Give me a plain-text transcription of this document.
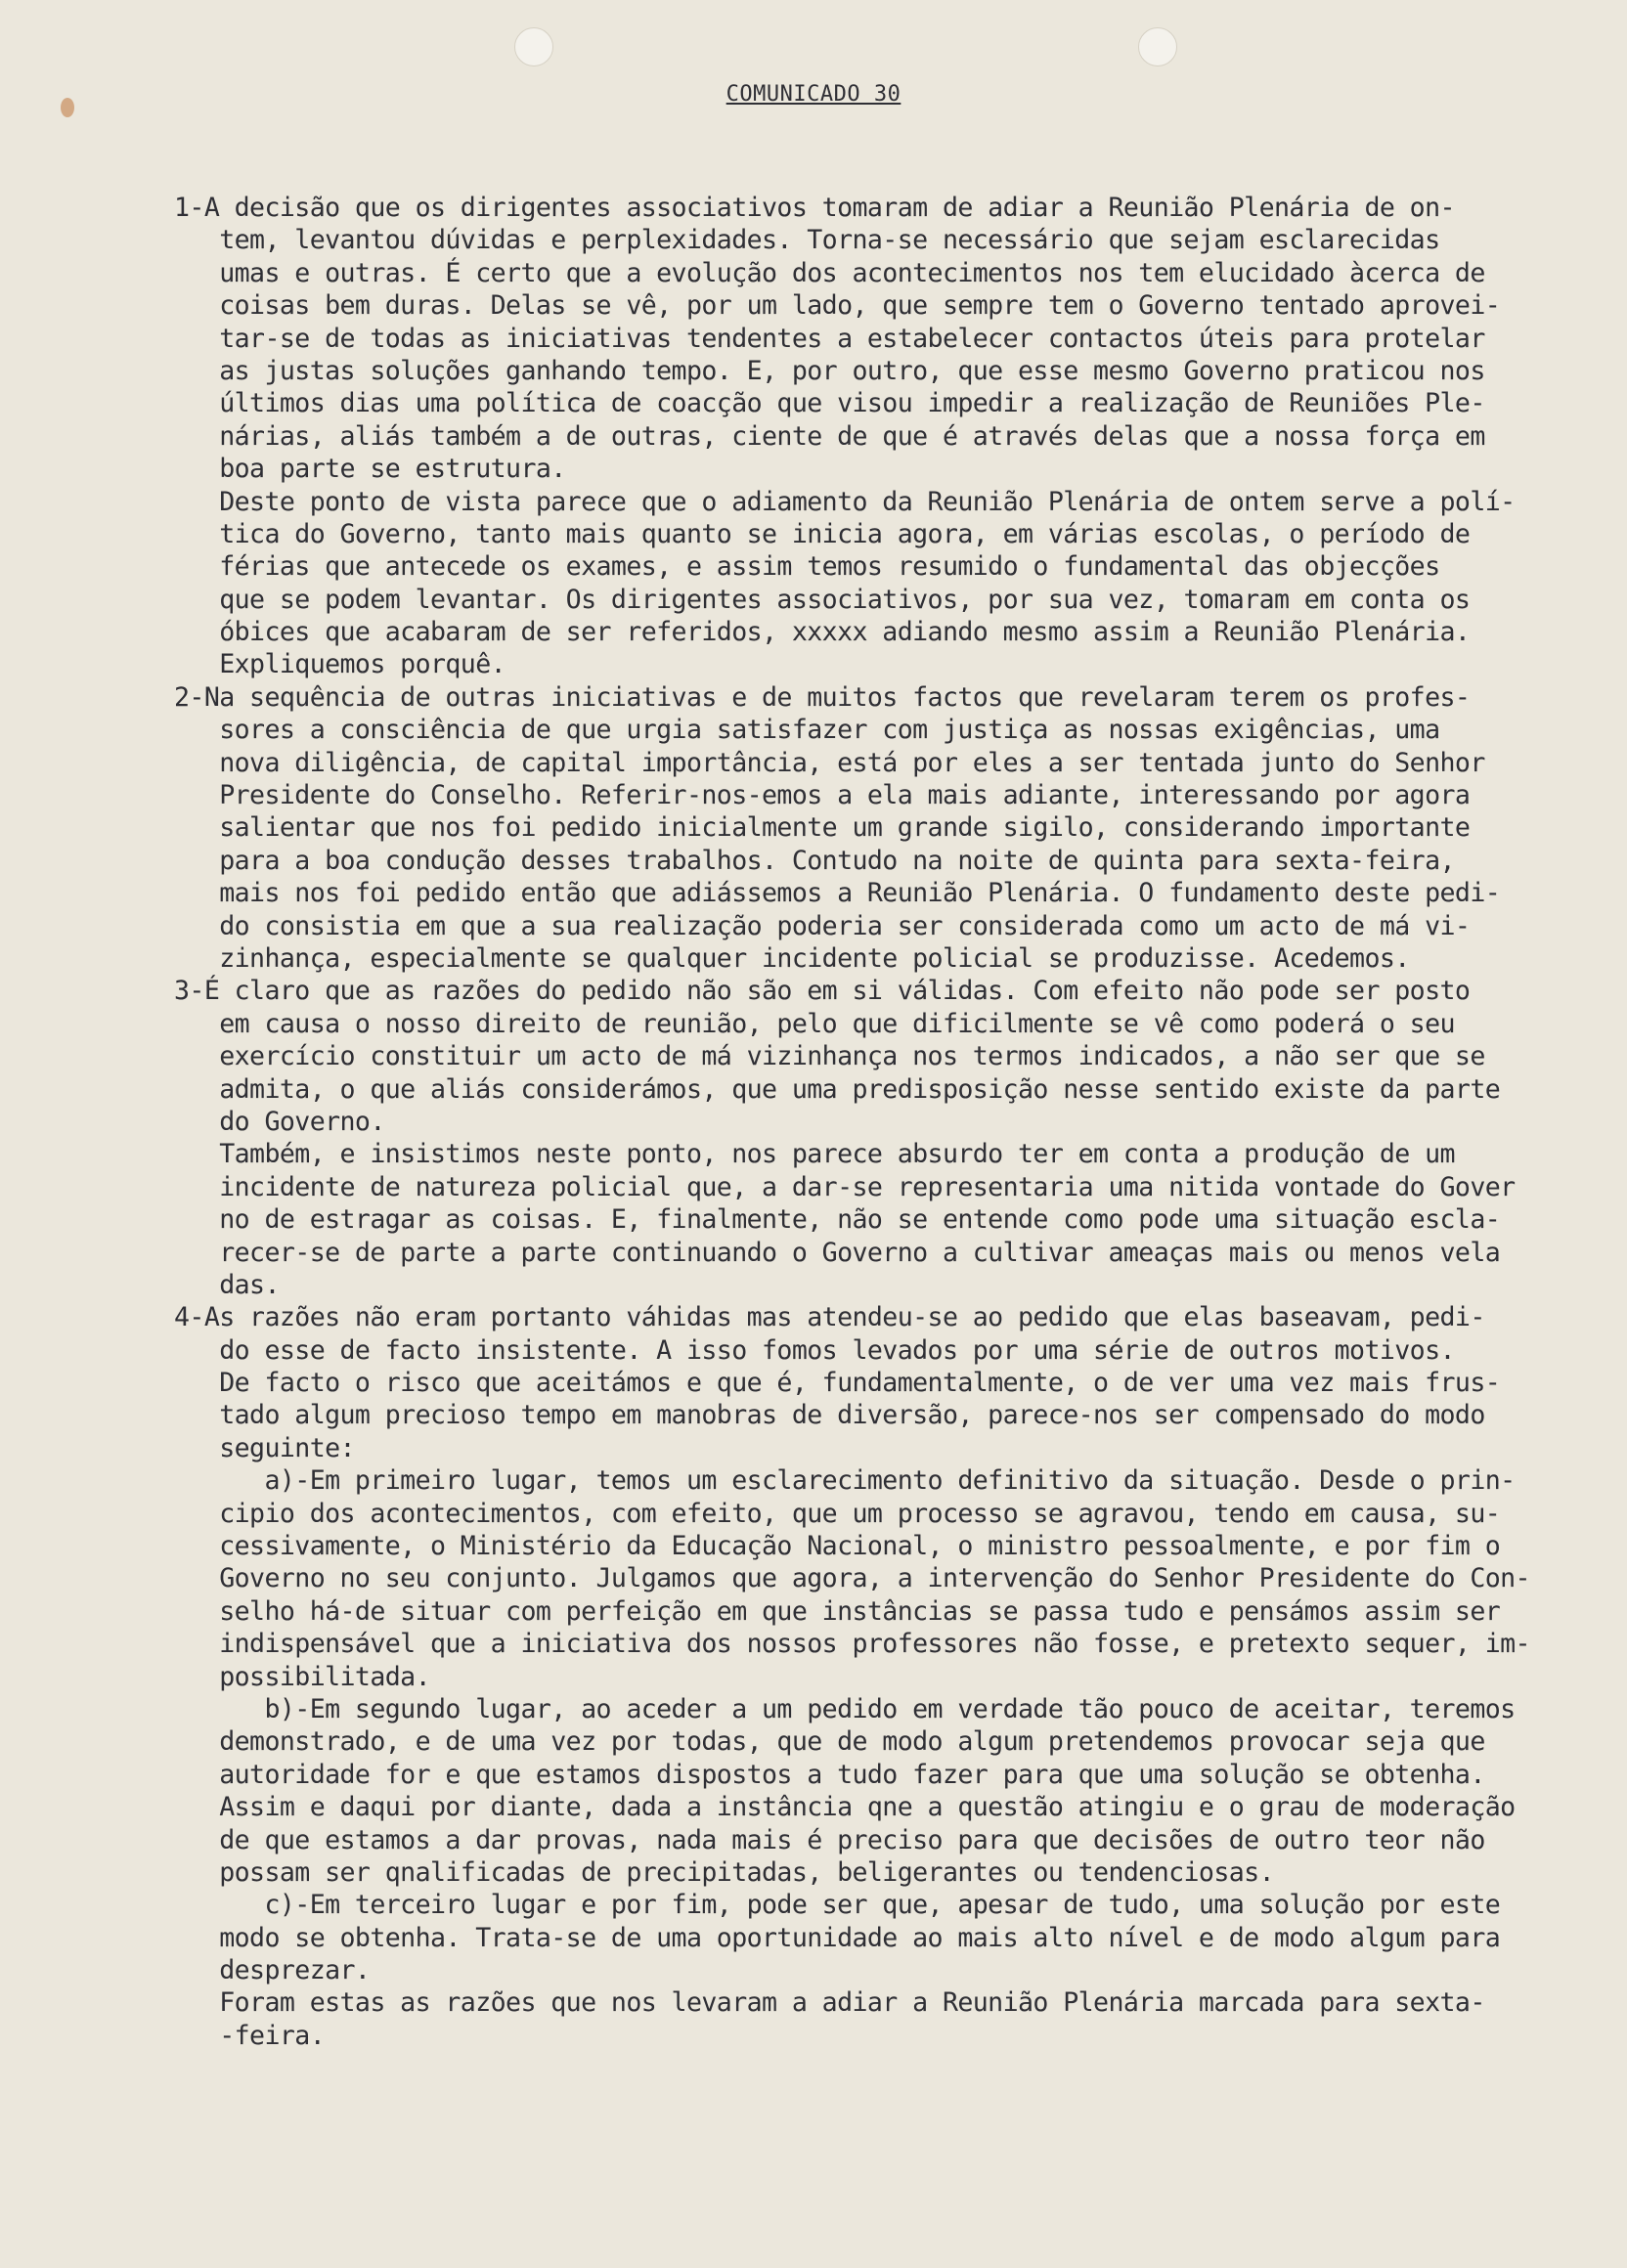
COMUNICADO 30
1-A decisão que os dirigentes associativos tomaram de adiar a Reunião Plenária de on-
tem, levantou dúvidas e perplexidades. Torna-se necessário que sejam esclarecidas
umas e outras. É certo que a evolução dos acontecimentos nos tem elucidado àcerca de
coisas bem duras. Delas se vê, por um lado, que sempre tem o Governo tentado aprovei-
tar-se de todas as iniciativas tendentes a estabelecer contactos úteis para protelar
as justas soluções ganhando tempo. E, por outro, que esse mesmo Governo praticou nos
últimos dias uma política de coacção que visou impedir a realização de Reuniões Ple-
nárias, aliás também a de outras, ciente de que é através delas que a nossa força em
boa parte se estrutura.
Deste ponto de vista parece que o adiamento da Reunião Plenária de ontem serve a polí-
tica do Governo, tanto mais quanto se inicia agora, em várias escolas, o período de
férias que antecede os exames, e assim temos resumido o fundamental das objecções
que se podem levantar. Os dirigentes associativos, por sua vez, tomaram em conta os
óbices que acabaram de ser referidos, xxxxx adiando mesmo assim a Reunião Plenária.
Expliquemos porquê.
2-Na sequência de outras iniciativas e de muitos factos que revelaram terem os profes-
sores a consciência de que urgia satisfazer com justiça as nossas exigências, uma
nova diligência, de capital importância, está por eles a ser tentada junto do Senhor
Presidente do Conselho. Referir-nos-emos a ela mais adiante, interessando por agora
salientar que nos foi pedido inicialmente um grande sigilo, considerando importante
para a boa condução desses trabalhos. Contudo na noite de quinta para sexta-feira,
mais nos foi pedido então que adiássemos a Reunião Plenária. O fundamento deste pedi-
do consistia em que a sua realização poderia ser considerada como um acto de má vi-
zinhança, especialmente se qualquer incidente policial se produzisse. Acedemos.
3-É claro que as razões do pedido não são em si válidas. Com efeito não pode ser posto
em causa o nosso direito de reunião, pelo que dificilmente se vê como poderá o seu
exercício constituir um acto de má vizinhança nos termos indicados, a não ser que se
admita, o que aliás considerámos, que uma predisposição nesse sentido existe da parte
do Governo.
Também, e insistimos neste ponto, nos parece absurdo ter em conta a produção de um
incidente de natureza policial que, a dar-se representaria uma nitida vontade do Gover
no de estragar as coisas. E, finalmente, não se entende como pode uma situação escla-
recer-se de parte a parte continuando o Governo a cultivar ameaças mais ou menos vela
das.
4-As razões não eram portanto váhidas mas atendeu-se ao pedido que elas baseavam, pedi-
do esse de facto insistente. A isso fomos levados por uma série de outros motivos.
De facto o risco que aceitámos e que é, fundamentalmente, o de ver uma vez mais frus-
tado algum precioso tempo em manobras de diversão, parece-nos ser compensado do modo
seguinte:
a)-Em primeiro lugar, temos um esclarecimento definitivo da situação. Desde o prin-
cipio dos acontecimentos, com efeito, que um processo se agravou, tendo em causa, su-
cessivamente, o Ministério da Educação Nacional, o ministro pessoalmente, e por fim o
Governo no seu conjunto. Julgamos que agora, a intervenção do Senhor Presidente do Con-
selho há-de situar com perfeição em que instâncias se passa tudo e pensámos assim ser
indispensável que a iniciativa dos nossos professores não fosse, e pretexto sequer, im-
possibilitada.
b)-Em segundo lugar, ao aceder a um pedido em verdade tão pouco de aceitar, teremos
demonstrado, e de uma vez por todas, que de modo algum pretendemos provocar seja que
autoridade for e que estamos dispostos a tudo fazer para que uma solução se obtenha.
Assim e daqui por diante, dada a instância qne a questão atingiu e o grau de moderação
de que estamos a dar provas, nada mais é preciso para que decisões de outro teor não
possam ser qnalificadas de precipitadas, beligerantes ou tendenciosas.
c)-Em terceiro lugar e por fim, pode ser que, apesar de tudo, uma solução por este
modo se obtenha. Trata-se de uma oportunidade ao mais alto nível e de modo algum para
desprezar.
Foram estas as razões que nos levaram a adiar a Reunião Plenária marcada para sexta-
-feira.
